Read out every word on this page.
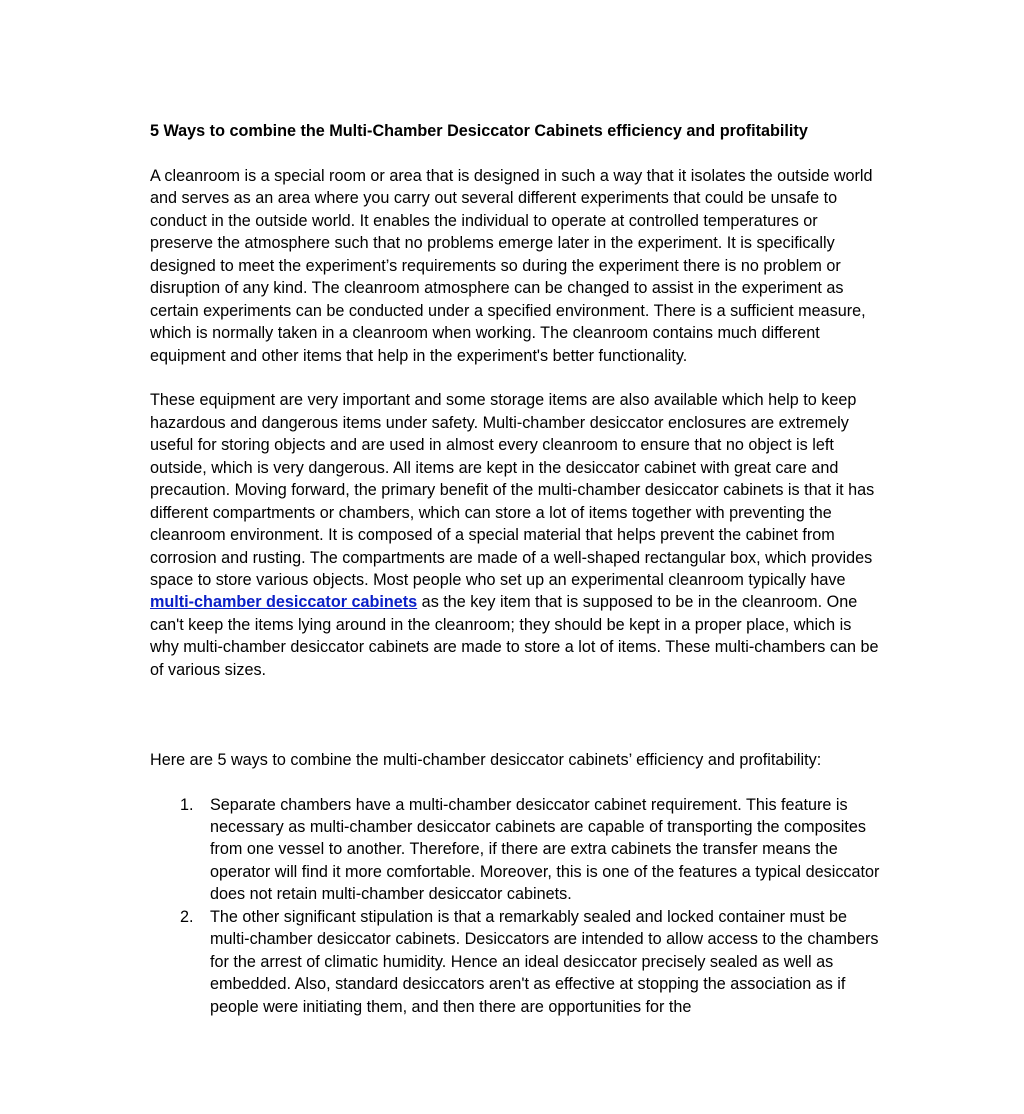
5 Ways to combine the Multi-Chamber Desiccator Cabinets efficiency and profitability

A cleanroom is a special room or area that is designed in such a way that it isolates the outside world and serves as an area where you carry out several different experiments that could be unsafe to conduct in the outside world. It enables the individual to operate at controlled temperatures or preserve the atmosphere such that no problems emerge later in the experiment. It is specifically designed to meet the experiment’s requirements so during the experiment there is no problem or disruption of any kind. The cleanroom atmosphere can be changed to assist in the experiment as certain experiments can be conducted under a specified environment. There is a sufficient measure, which is normally taken in a cleanroom when working. The cleanroom contains much different equipment and other items that help in the experiment's better functionality.

These equipment are very important and some storage items are also available which help to keep hazardous and dangerous items under safety. Multi-chamber desiccator enclosures are extremely useful for storing objects and are used in almost every cleanroom to ensure that no object is left outside, which is very dangerous. All items are kept in the desiccator cabinet with great care and precaution. Moving forward, the primary benefit of the multi-chamber desiccator cabinets is that it has different compartments or chambers, which can store a lot of items together with preventing the cleanroom environment. It is composed of a special material that helps prevent the cabinet from corrosion and rusting. The compartments are made of a well-shaped rectangular box, which provides space to store various objects. Most people who set up an experimental cleanroom typically have multi-chamber desiccator cabinets as the key item that is supposed to be in the cleanroom. One can't keep the items lying around in the cleanroom; they should be kept in a proper place, which is why multi-chamber desiccator cabinets are made to store a lot of items. These multi-chambers can be of various sizes.

Here are 5 ways to combine the multi-chamber desiccator cabinets’ efficiency and profitability:

1. Separate chambers have a multi-chamber desiccator cabinet requirement. This feature is necessary as multi-chamber desiccator cabinets are capable of transporting the composites from one vessel to another. Therefore, if there are extra cabinets the transfer means the operator will find it more comfortable. Moreover, this is one of the features a typical desiccator does not retain multi-chamber desiccator cabinets.
2. The other significant stipulation is that a remarkably sealed and locked container must be multi-chamber desiccator cabinets. Desiccators are intended to allow access to the chambers for the arrest of climatic humidity. Hence an ideal desiccator precisely sealed as well as embedded. Also, standard desiccators aren't as effective at stopping the association as if people were initiating them, and then there are opportunities for the
